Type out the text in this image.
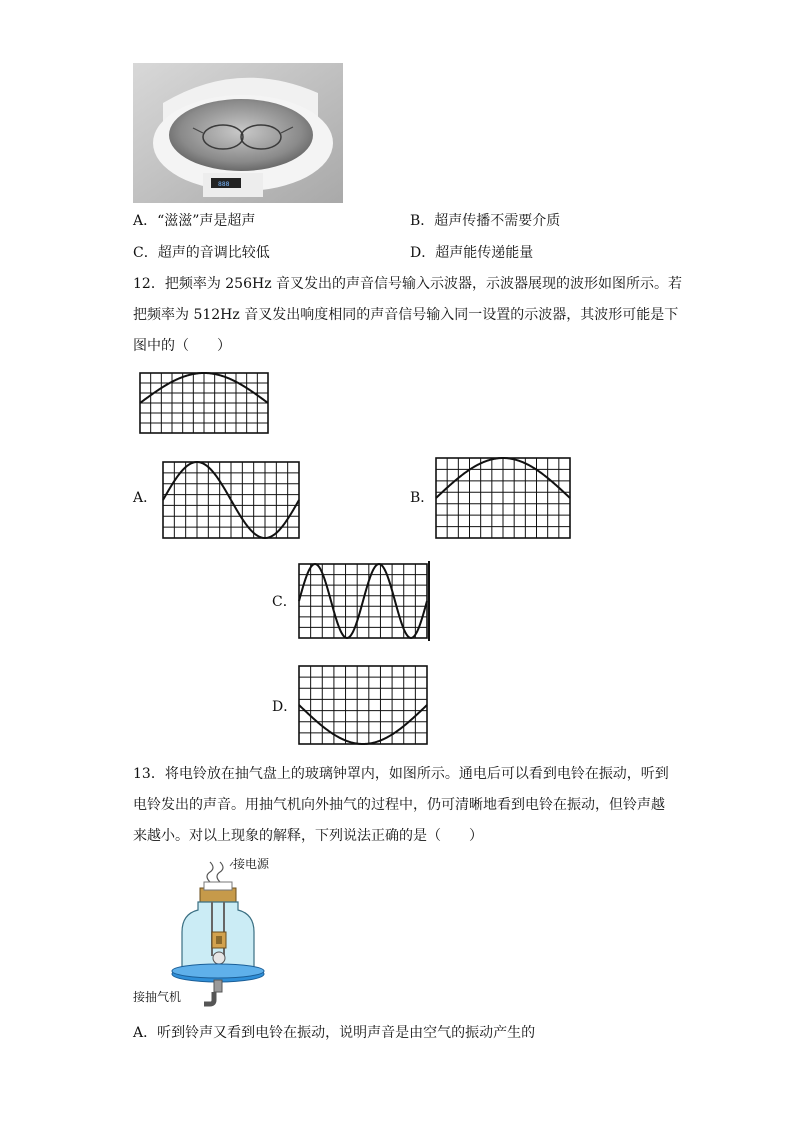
888
A．“滋滋”声是超声	B．超声传播不需要介质
C．超声的音调比较低	D．超声能传递能量
12．把频率为 256Hz 音叉发出的声音信号输入示波器，示波器展现的波形如图所示。若
把频率为 512Hz 音叉发出响度相同的声音信号输入同一设置的示波器，其波形可能是下
图中的（　　）
A．	B．
C．
D．
13．将电铃放在抽气盘上的玻璃钟罩内，如图所示。通电后可以看到电铃在振动，听到
电铃发出的声音。用抽气机向外抽气的过程中，仍可清晰地看到电铃在振动，但铃声越
来越小。对以上现象的解释，下列说法正确的是（　　）
接电源
接抽气机
A．听到铃声又看到电铃在振动，说明声音是由空气的振动产生的
